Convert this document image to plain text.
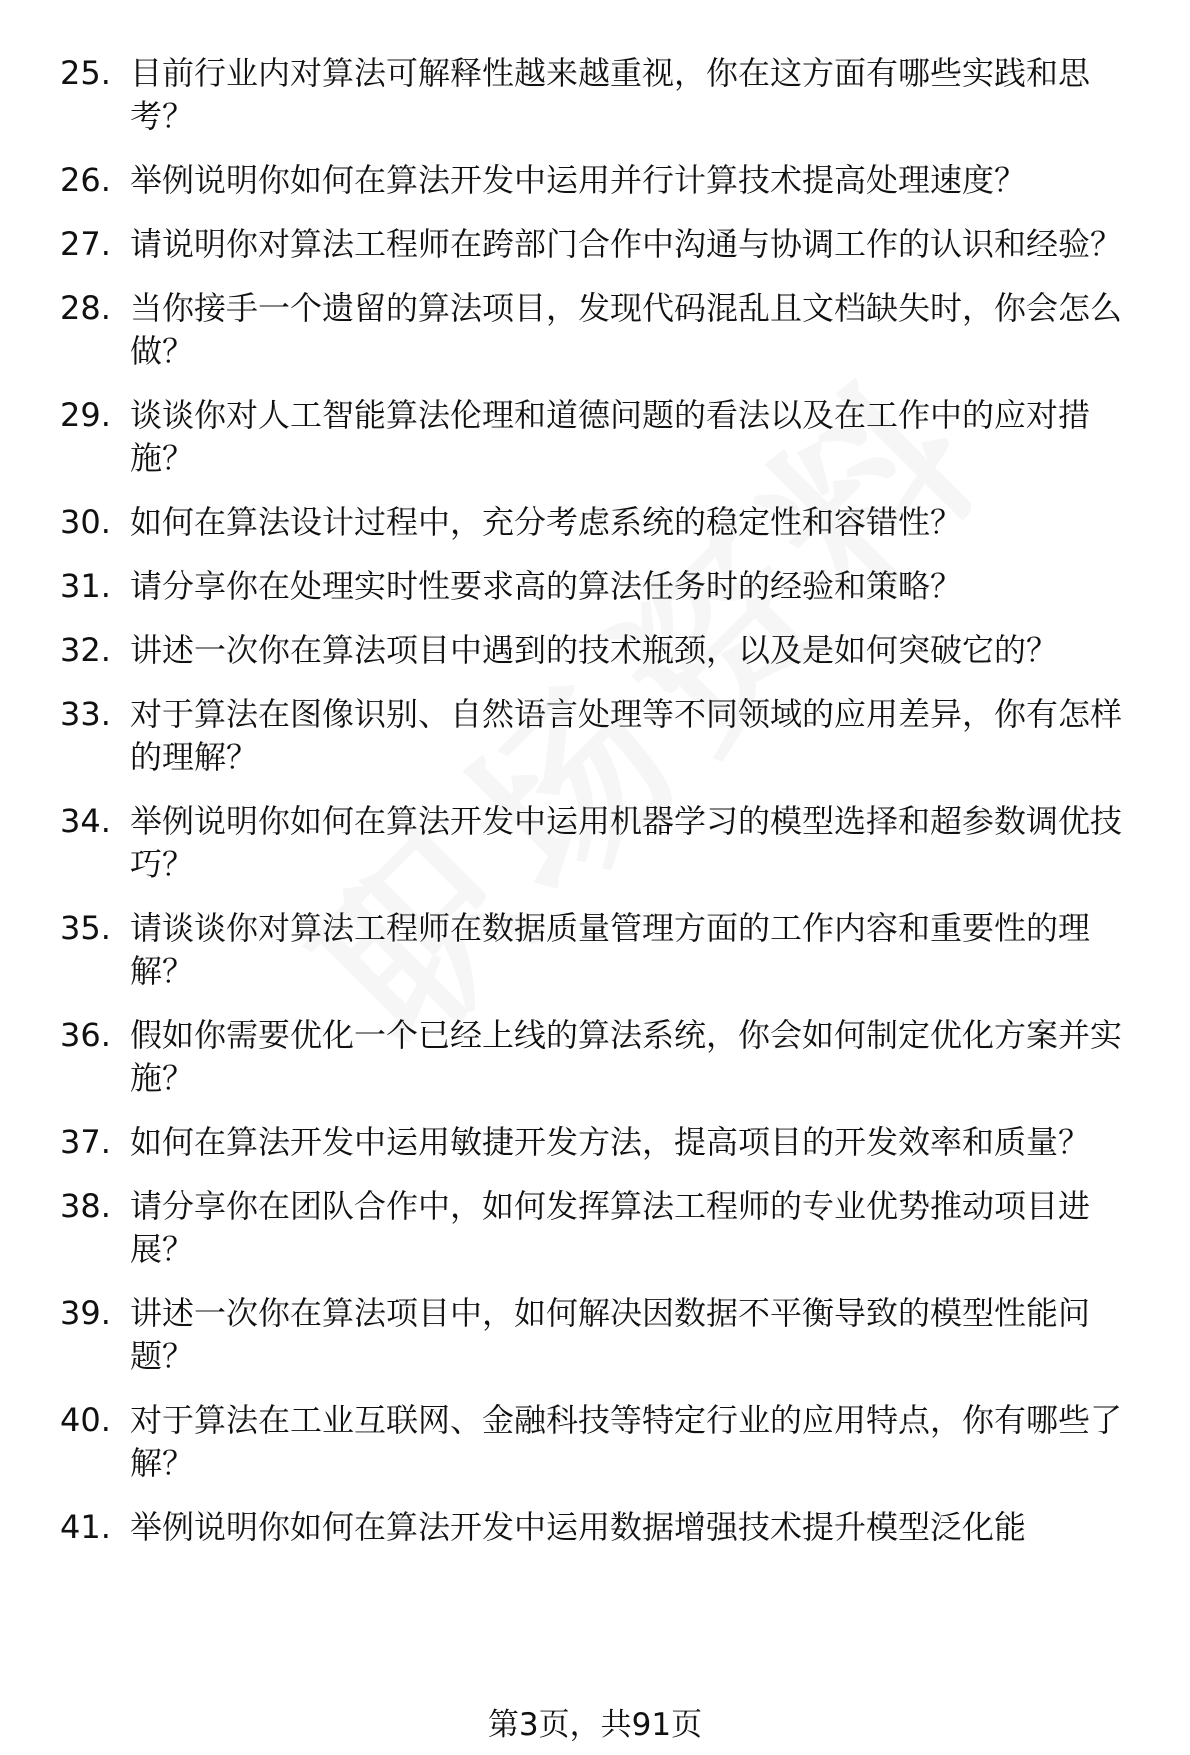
25. 目前行业内对算法可解释性越来越重视，你在这方面有哪些实践和思考？
26. 举例说明你如何在算法开发中运用并行计算技术提高处理速度？
27. 请说明你对算法工程师在跨部门合作中沟通与协调工作的认识和经验？
28. 当你接手一个遗留的算法项目，发现代码混乱且文档缺失时，你会怎么做？
29. 谈谈你对人工智能算法伦理和道德问题的看法以及在工作中的应对措施？
30. 如何在算法设计过程中，充分考虑系统的稳定性和容错性？
31. 请分享你在处理实时性要求高的算法任务时的经验和策略？
32. 讲述一次你在算法项目中遇到的技术瓶颈，以及是如何突破它的？
33. 对于算法在图像识别、自然语言处理等不同领域的应用差异，你有怎样的理解？
34. 举例说明你如何在算法开发中运用机器学习的模型选择和超参数调优技巧？
35. 请谈谈你对算法工程师在数据质量管理方面的工作内容和重要性的理解？
36. 假如你需要优化一个已经上线的算法系统，你会如何制定优化方案并实施？
37. 如何在算法开发中运用敏捷开发方法，提高项目的开发效率和质量？
38. 请分享你在团队合作中，如何发挥算法工程师的专业优势推动项目进展？
39. 讲述一次你在算法项目中，如何解决因数据不平衡导致的模型性能问题？
40. 对于算法在工业互联网、金融科技等特定行业的应用特点，你有哪些了解？
41. 举例说明你如何在算法开发中运用数据增强技术提升模型泛化能
第3页，共91页
